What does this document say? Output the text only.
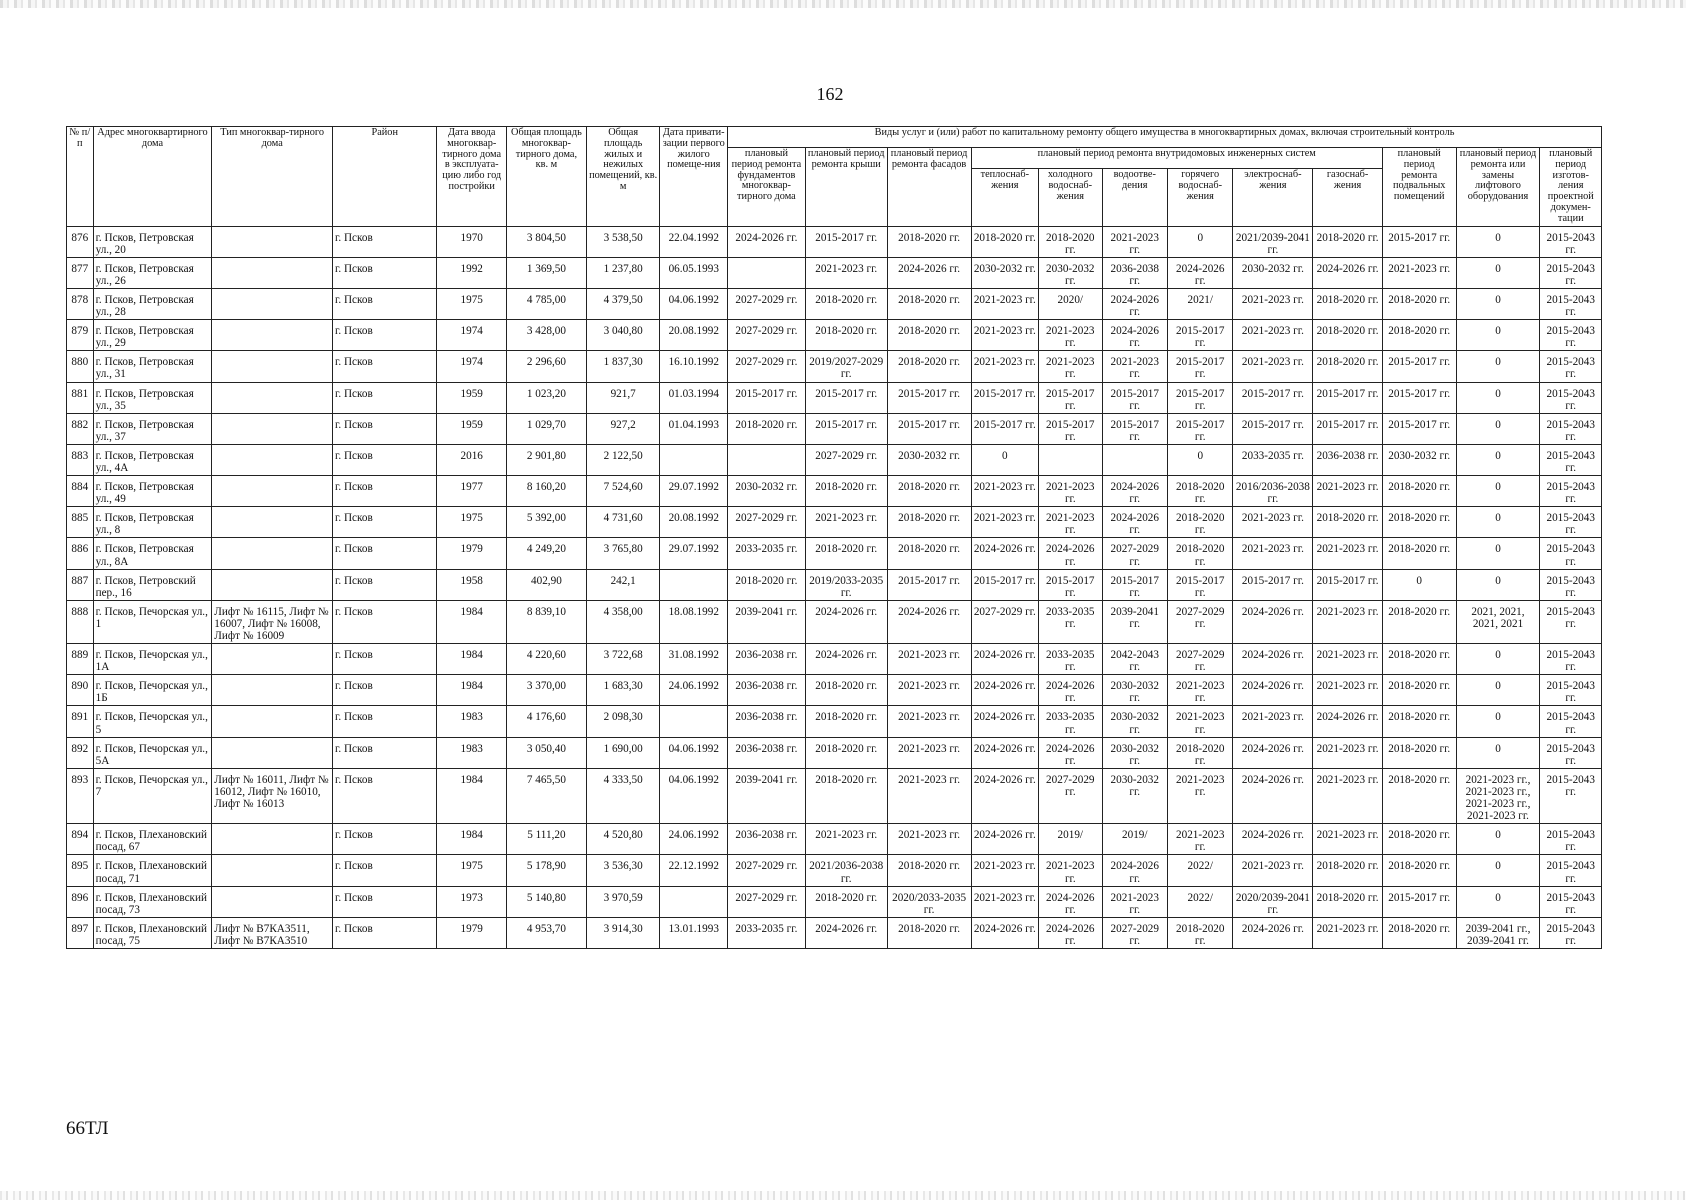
162
№ п/п	Адрес многоквартирного дома	Тип многоквар-тирного дома	Район	Дата ввода многоквар-тирного дома в эксплуата-цию либо год постройки	Общая площадь многоквар-тирного дома, кв. м	Общая площадь жилых и нежилых помещений, кв. м	Дата привати-зации первого жилого помеще-ния	Виды услуг и (или) работ по капитальному ремонту общего имущества в многоквартирных домах, включая строительный контроль											
								плановый период ремонта фундаментов многоквар-тирного дома	плановый период ремонта крыши	плановый период ремонта фасадов	плановый период ремонта внутридомовых инженерных систем						плановый период ремонта подвальных помещений	плановый период ремонта или замены лифтового оборудования	плановый период изготов-ления проектной докумен-тации
											теплоснаб-жения	холодного водоснаб-жения	водоотве-дения	горячего водоснаб-жения	электроснаб-жения	газоснаб-жения			
876	г. Псков, Петровская ул., 20		г. Псков	1970	3 804,50	3 538,50	22.04.1992	2024-2026 гг.	2015-2017 гг.	2018-2020 гг.	2018-2020 гг.	2018-2020 гг.	2021-2023 гг.	0	2021/2039-2041 гг.	2018-2020 гг.	2015-2017 гг.	0	2015-2043 гг.
877	г. Псков, Петровская ул., 26		г. Псков	1992	1 369,50	1 237,80	06.05.1993		2021-2023 гг.	2024-2026 гг.	2030-2032 гг.	2030-2032 гг.	2036-2038 гг.	2024-2026 гг.	2030-2032 гг.	2024-2026 гг.	2021-2023 гг.	0	2015-2043 гг.
878	г. Псков, Петровская ул., 28		г. Псков	1975	4 785,00	4 379,50	04.06.1992	2027-2029 гг.	2018-2020 гг.	2018-2020 гг.	2021-2023 гг.	2020/	2024-2026 гг.	2021/	2021-2023 гг.	2018-2020 гг.	2018-2020 гг.	0	2015-2043 гг.
879	г. Псков, Петровская ул., 29		г. Псков	1974	3 428,00	3 040,80	20.08.1992	2027-2029 гг.	2018-2020 гг.	2018-2020 гг.	2021-2023 гг.	2021-2023 гг.	2024-2026 гг.	2015-2017 гг.	2021-2023 гг.	2018-2020 гг.	2018-2020 гг.	0	2015-2043 гг.
880	г. Псков, Петровская ул., 31		г. Псков	1974	2 296,60	1 837,30	16.10.1992	2027-2029 гг.	2019/2027-2029 гг.	2018-2020 гг.	2021-2023 гг.	2021-2023 гг.	2021-2023 гг.	2015-2017 гг.	2021-2023 гг.	2018-2020 гг.	2015-2017 гг.	0	2015-2043 гг.
881	г. Псков, Петровская ул., 35		г. Псков	1959	1 023,20	921,7	01.03.1994	2015-2017 гг.	2015-2017 гг.	2015-2017 гг.	2015-2017 гг.	2015-2017 гг.	2015-2017 гг.	2015-2017 гг.	2015-2017 гг.	2015-2017 гг.	2015-2017 гг.	0	2015-2043 гг.
882	г. Псков, Петровская ул., 37		г. Псков	1959	1 029,70	927,2	01.04.1993	2018-2020 гг.	2015-2017 гг.	2015-2017 гг.	2015-2017 гг.	2015-2017 гг.	2015-2017 гг.	2015-2017 гг.	2015-2017 гг.	2015-2017 гг.	2015-2017 гг.	0	2015-2043 гг.
883	г. Псков, Петровская ул., 4А		г. Псков	2016	2 901,80	2 122,50			2027-2029 гг.	2030-2032 гг.	0			0	2033-2035 гг.	2036-2038 гг.	2030-2032 гг.	0	2015-2043 гг.
884	г. Псков, Петровская ул., 49		г. Псков	1977	8 160,20	7 524,60	29.07.1992	2030-2032 гг.	2018-2020 гг.	2018-2020 гг.	2021-2023 гг.	2021-2023 гг.	2024-2026 гг.	2018-2020 гг.	2016/2036-2038 гг.	2021-2023 гг.	2018-2020 гг.	0	2015-2043 гг.
885	г. Псков, Петровская ул., 8		г. Псков	1975	5 392,00	4 731,60	20.08.1992	2027-2029 гг.	2021-2023 гг.	2018-2020 гг.	2021-2023 гг.	2021-2023 гг.	2024-2026 гг.	2018-2020 гг.	2021-2023 гг.	2018-2020 гг.	2018-2020 гг.	0	2015-2043 гг.
886	г. Псков, Петровская ул., 8А		г. Псков	1979	4 249,20	3 765,80	29.07.1992	2033-2035 гг.	2018-2020 гг.	2018-2020 гг.	2024-2026 гг.	2024-2026 гг.	2027-2029 гг.	2018-2020 гг.	2021-2023 гг.	2021-2023 гг.	2018-2020 гг.	0	2015-2043 гг.
887	г. Псков, Петровский пер., 16		г. Псков	1958	402,90	242,1		2018-2020 гг.	2019/2033-2035 гг.	2015-2017 гг.	2015-2017 гг.	2015-2017 гг.	2015-2017 гг.	2015-2017 гг.	2015-2017 гг.	2015-2017 гг.	0	0	2015-2043 гг.
888	г. Псков, Печорская ул., 1	Лифт № 16115, Лифт № 16007, Лифт № 16008, Лифт № 16009	г. Псков	1984	8 839,10	4 358,00	18.08.1992	2039-2041 гг.	2024-2026 гг.	2024-2026 гг.	2027-2029 гг.	2033-2035 гг.	2039-2041 гг.	2027-2029 гг.	2024-2026 гг.	2021-2023 гг.	2018-2020 гг.	2021, 2021, 2021, 2021	2015-2043 гг.
889	г. Псков, Печорская ул., 1А		г. Псков	1984	4 220,60	3 722,68	31.08.1992	2036-2038 гг.	2024-2026 гг.	2021-2023 гг.	2024-2026 гг.	2033-2035 гг.	2042-2043 гг.	2027-2029 гг.	2024-2026 гг.	2021-2023 гг.	2018-2020 гг.	0	2015-2043 гг.
890	г. Псков, Печорская ул., 1Б		г. Псков	1984	3 370,00	1 683,30	24.06.1992	2036-2038 гг.	2018-2020 гг.	2021-2023 гг.	2024-2026 гг.	2024-2026 гг.	2030-2032 гг.	2021-2023 гг.	2024-2026 гг.	2021-2023 гг.	2018-2020 гг.	0	2015-2043 гг.
891	г. Псков, Печорская ул., 5		г. Псков	1983	4 176,60	2 098,30		2036-2038 гг.	2018-2020 гг.	2021-2023 гг.	2024-2026 гг.	2033-2035 гг.	2030-2032 гг.	2021-2023 гг.	2021-2023 гг.	2024-2026 гг.	2018-2020 гг.	0	2015-2043 гг.
892	г. Псков, Печорская ул., 5А		г. Псков	1983	3 050,40	1 690,00	04.06.1992	2036-2038 гг.	2018-2020 гг.	2021-2023 гг.	2024-2026 гг.	2024-2026 гг.	2030-2032 гг.	2018-2020 гг.	2024-2026 гг.	2021-2023 гг.	2018-2020 гг.	0	2015-2043 гг.
893	г. Псков, Печорская ул., 7	Лифт № 16011, Лифт № 16012, Лифт № 16010, Лифт № 16013	г. Псков	1984	7 465,50	4 333,50	04.06.1992	2039-2041 гг.	2018-2020 гг.	2021-2023 гг.	2024-2026 гг.	2027-2029 гг.	2030-2032 гг.	2021-2023 гг.	2024-2026 гг.	2021-2023 гг.	2018-2020 гг.	2021-2023 гг., 2021-2023 гг., 2021-2023 гг., 2021-2023 гг.	2015-2043 гг.
894	г. Псков, Плехановский посад, 67		г. Псков	1984	5 111,20	4 520,80	24.06.1992	2036-2038 гг.	2021-2023 гг.	2021-2023 гг.	2024-2026 гг.	2019/	2019/	2021-2023 гг.	2024-2026 гг.	2021-2023 гг.	2018-2020 гг.	0	2015-2043 гг.
895	г. Псков, Плехановский посад, 71		г. Псков	1975	5 178,90	3 536,30	22.12.1992	2027-2029 гг.	2021/2036-2038 гг.	2018-2020 гг.	2021-2023 гг.	2021-2023 гг.	2024-2026 гг.	2022/	2021-2023 гг.	2018-2020 гг.	2018-2020 гг.	0	2015-2043 гг.
896	г. Псков, Плехановский посад, 73		г. Псков	1973	5 140,80	3 970,59		2027-2029 гг.	2018-2020 гг.	2020/2033-2035 гг.	2021-2023 гг.	2024-2026 гг.	2021-2023 гг.	2022/	2020/2039-2041 гг.	2018-2020 гг.	2015-2017 гг.	0	2015-2043 гг.
897	г. Псков, Плехановский посад, 75	Лифт № В7КА3511, Лифт № В7КА3510	г. Псков	1979	4 953,70	3 914,30	13.01.1993	2033-2035 гг.	2024-2026 гг.	2018-2020 гг.	2024-2026 гг.	2024-2026 гг.	2027-2029 гг.	2018-2020 гг.	2024-2026 гг.	2021-2023 гг.	2018-2020 гг.	2039-2041 гг., 2039-2041 гг.	2015-2043 гг.
66ТЛ
